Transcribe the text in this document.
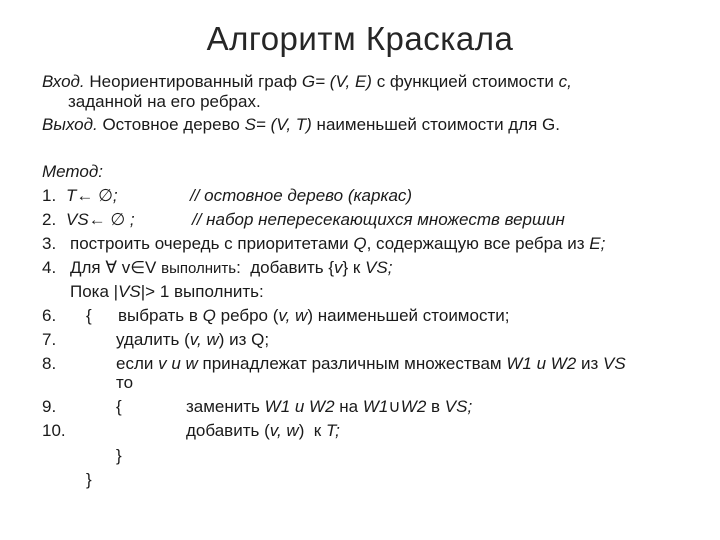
Алгоритм Краскала
Вход. Неориентированный граф G= (V, E) с функцией стоимости c,
заданной на его ребрах.
Выход. Остовное дерево S= (V, T) наименьшей стоимости для G.
Метод:
1. T← ∅;	// остовное дерево (каркас)
2. VS← ∅ ;	// набор непересекающихся множеств вершин
3. построить очередь с приоритетами Q, содержащую все ребра из E;
4. Для ∀ v∈V выполнить:  добавить {v} к VS;
Пока |VS|> 1 выполнить:
6. { выбрать в Q ребро (v, w) наименьшей стоимости;
7.	удалить (v, w) из Q;
8.	если v и w принадлежат различным множествам W1 и W2 из VS
то
9.	{	заменить W1 и W2 на W1∪W2 в VS;
10.	добавить (v, w)  к T;
}
}
